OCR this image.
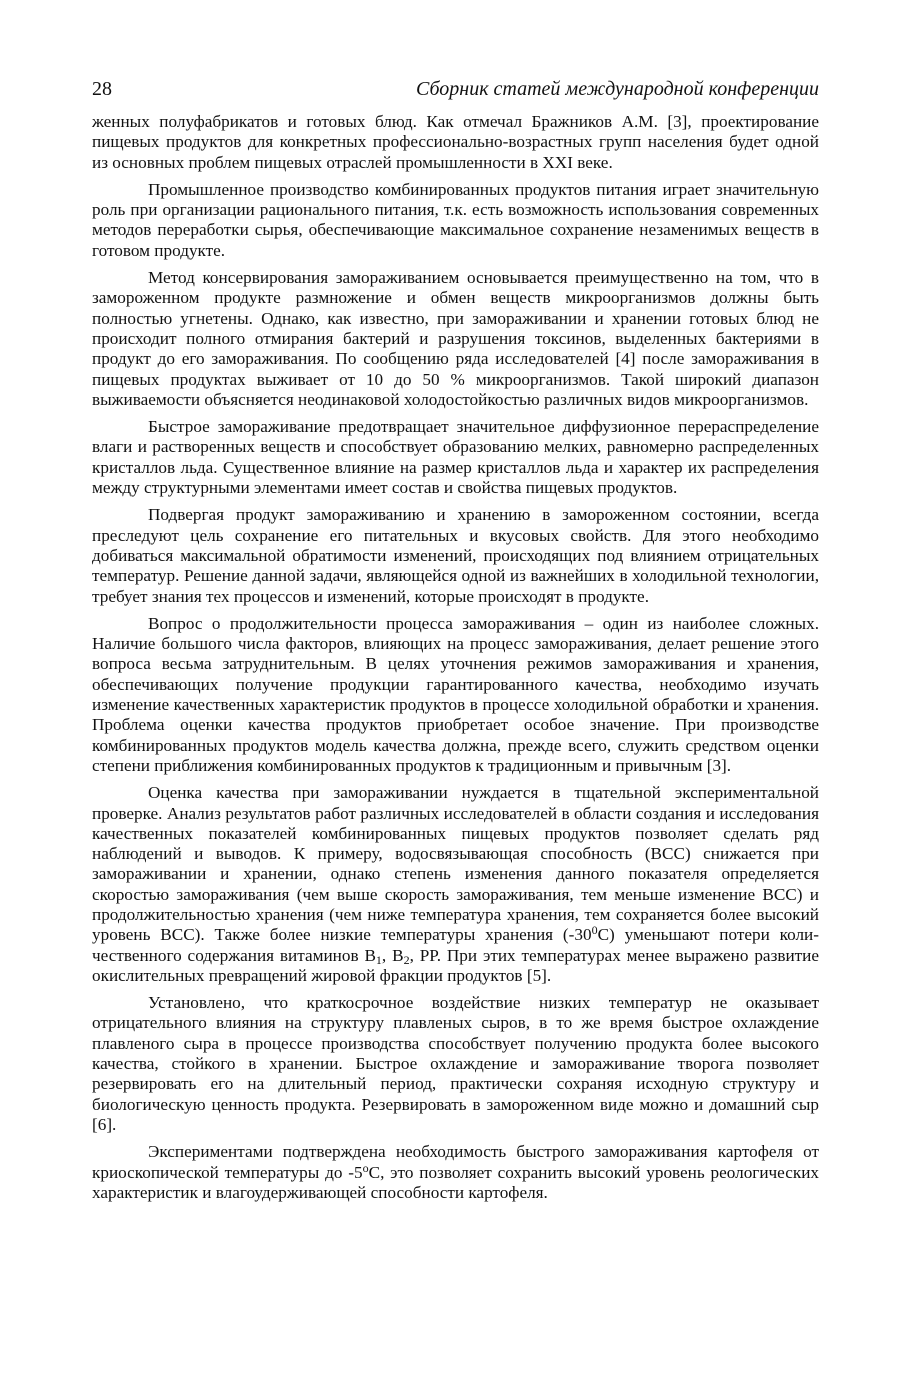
28	Сборник статей международной конференции

женных полуфабрикатов и готовых блюд. Как отмечал Бражников А.М. [3], проектирование пищевых продуктов для конкретных профессионально-возрастных групп населения будет одной из основных проблем пищевых отраслей промышленности в XXI веке.

Промышленное производство комбинированных продуктов питания играет значительную роль при организации рационального питания, т.к. есть возможность использования современных методов переработки сырья, обеспечивающие максимальное сохранение незаменимых веществ в готовом продукте.

Метод консервирования замораживанием основывается преимущественно на том, что в замороженном продукте размножение и обмен веществ микроорганизмов должны быть полностью угнетены. Однако, как известно, при замораживании и хранении готовых блюд не происходит полного отмирания бактерий и разрушения токсинов, выделенных бактериями в продукт до его замораживания. По сообщению ряда исследователей [4] после замораживания в пищевых продуктах выживает от 10 до 50 % микроорганизмов. Такой широкий диапазон выживаемости объясняется неодинаковой холодостойкостью различных видов микроорганизмов.

Быстрое замораживание предотвращает значительное диффузионное перераспределение влаги и растворенных веществ и способствует образованию мелких, равномерно распределенных кристаллов льда. Существенное влияние на размер кристаллов льда и характер их распределения между структурными элементами имеет состав и свойства пищевых продуктов.

Подвергая продукт замораживанию и хранению в замороженном состоянии, всегда преследуют цель сохранение его питательных и вкусовых свойств. Для этого необходимо добиваться максимальной обратимости изменений, происходящих под влиянием отрицательных температур. Решение данной задачи, являющейся одной из важнейших в холодильной технологии, требует знания тех процессов и изменений, которые происходят в продукте.

Вопрос о продолжительности процесса замораживания – один из наиболее сложных. Наличие большого числа факторов, влияющих на процесс замораживания, делает решение этого вопроса весьма затруднительным. В целях уточнения режимов замораживания и хранения, обеспечивающих получение продукции гарантированного качества, необходимо изучать изменение качественных характеристик продуктов в процессе холодильной обработки и хранения. Проблема оценки качества продуктов приобретает особое значение. При производстве комбинированных продуктов модель качества должна, прежде всего, служить средством оценки степени приближения комбинированных продуктов к традиционным и привычным [3].

Оценка качества при замораживании нуждается в тщательной экспериментальной проверке. Анализ результатов работ различных исследователей в области создания и исследования качественных показателей комбинированных пищевых продуктов позволяет сделать ряд наблюдений и выводов. К примеру, водосвязывающая способность (ВСС) снижается при замораживании и хранении, однако степень изменения данного показателя определяется скоростью замораживания (чем выше скорость замораживания, тем меньше изменение ВСС) и продолжительностью хранения (чем ниже температура хранения, тем сохраняется более высокий уровень ВСС). Также более низкие температуры хранения $(-30^0С)$ уменьшают потери количественного содержания витаминов $В_1$, $В_2$, РР. При этих температурах менее выражено развитие окислительных превращений жировой фракции продуктов [5].

Установлено, что краткосрочное воздействие низких температур не оказывает отрицательного влияния на структуру плавленых сыров, в то же время быстрое охлаждение плавленого сыра в процессе производства способствует получению продукта более высокого качества, стойкого в хранении. Быстрое охлаждение и замораживание творога позволяет резервировать его на длительный период, практически сохраняя исходную структуру и биологическую ценность продукта. Резервировать в замороженном виде можно и домашний сыр [6].

Экспериментами подтверждена необходимость быстрого замораживания картофеля от криоскопической температуры до $-5^оС$, это позволяет сохранить высокий уровень реологических характеристик и влагоудерживающей способности картофеля.
